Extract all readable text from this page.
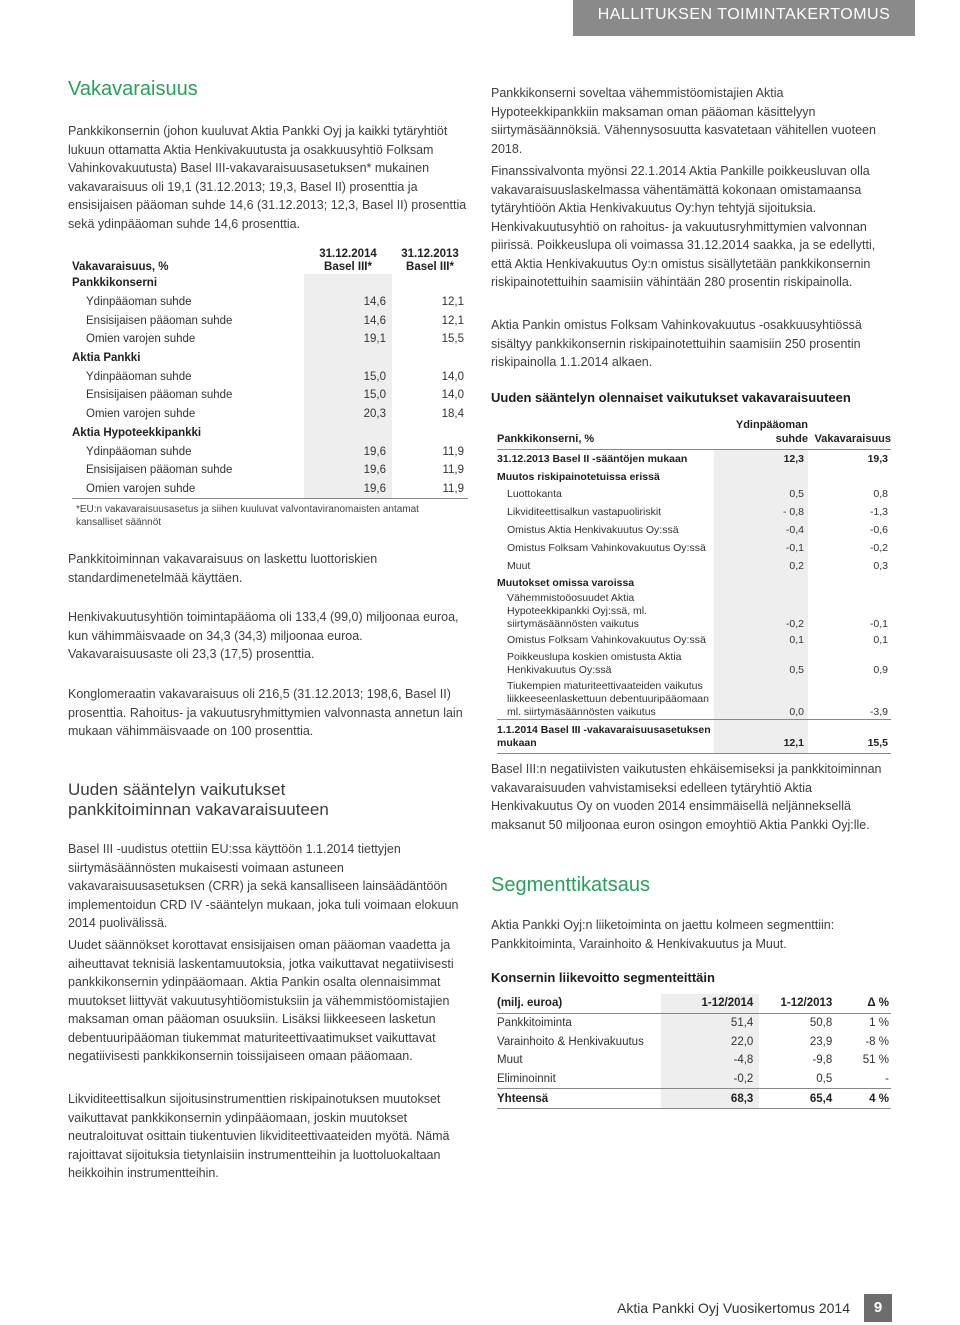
HALLITUKSEN TOIMINTAKERTOMUS
Vakavaraisuus

Pankkikonsernin (johon kuuluvat Aktia Pankki Oyj ja kaikki tytäryhtiöt lukuun ottamatta Aktia Henkivakuutusta ja osakkuusyhtiö Folksam Vahinkovakuutusta) Basel III-vakavaraisuusasetuksen* mukainen vakavaraisuus oli 19,1 (31.12.2013; 19,3, Basel II) prosenttia ja ensisijaisen pääoman suhde 14,6 (31.12.2013; 12,3, Basel II) prosenttia sekä ydinpääoman suhde 14,6 prosenttia.

Vakavaraisuus, %	31.12.2014 Basel III*	31.12.2013 Basel III*
Pankkikonserni		
Ydinpääoman suhde	14,6	12,1
Ensisijaisen pääoman suhde	14,6	12,1
Omien varojen suhde	19,1	15,5
Aktia Pankki		
Ydinpääoman suhde	15,0	14,0
Ensisijaisen pääoman suhde	15,0	14,0
Omien varojen suhde	20,3	18,4
Aktia Hypoteekkipankki		
Ydinpääoman suhde	19,6	11,9
Ensisijaisen pääoman suhde	19,6	11,9
Omien varojen suhde	19,6	11,9

*EU:n vakavaraisuusasetus ja siihen kuuluvat valvontaviranomaisten antamat kansalliset säännöt

Pankkitoiminnan vakavaraisuus on laskettu luottoriskien standardimenetelmää käyttäen.

Henkivakuutusyhtiön toimintapääoma oli 133,4 (99,0) miljoonaa euroa, kun vähimmäisvaade on 34,3 (34,3) miljoonaa euroa. Vakavaraisuusaste oli 23,3 (17,5) prosenttia.

Konglomeraatin vakavaraisuus oli 216,5 (31.12.2013; 198,6, Basel II) prosenttia. Rahoitus- ja vakuutusryhmittymien valvonnasta annetun lain mukaan vähimmäisvaade on 100 prosenttia.

Uuden sääntelyn vaikutukset pankkitoiminnan vakavaraisuuteen

Basel III -uudistus otettiin EU:ssa käyttöön 1.1.2014 tiettyjen siirtymäsäännösten mukaisesti voimaan astuneen vakavaraisuusasetuksen (CRR) ja sekä kansalliseen lainsäädäntöön implementoidun CRD IV -sääntelyn mukaan, joka tuli voimaan elokuun 2014 puolivälissä.

Uudet säännökset korottavat ensisijaisen oman pääoman vaadetta ja aiheuttavat teknisiä laskentamuutoksia, jotka vaikuttavat negatiivisesti pankkikonsernin ydinpääomaan. Aktia Pankin osalta olennaisimmat muutokset liittyvät vakuutusyhtiöomistuksiin ja vähemmistöomistajien maksaman oman pääoman osuuksiin. Lisäksi liikkeeseen lasketun debentuuripääoman tiukemmat maturiteettivaatimukset vaikuttavat negatiivisesti pankkikonsernin toissijaiseen omaan pääomaan.

Likviditeettisalkun sijoitusinstrumenttien riskipainotuksen muutokset vaikuttavat pankkikonsernin ydinpääomaan, joskin muutokset neutraloituvat osittain tiukentuvien likviditeettivaateiden myötä. Nämä rajoittavat sijoituksia tietynlaisiin instrumentteihin ja luottoluokaltaan heikkoihin instrumentteihin.

Pankkikonserni soveltaa vähemmistöomistajien Aktia Hypoteekkipankkiin maksaman oman pääoman käsittelyyn siirtymäsäännöksiä. Vähennysosuutta kasvatetaan vähitellen vuoteen 2018.

Finanssivalvonta myönsi 22.1.2014 Aktia Pankille poikkeusluvan olla vakavaraisuuslaskelmassa vähentämättä kokonaan omistamaansa tytäryhtiöön Aktia Henkivakuutus Oy:hyn tehtyjä sijoituksia. Henkivakuutusyhtiö on rahoitus- ja vakuutusryhmittymien valvonnan piirissä. Poikkeuslupa oli voimassa 31.12.2014 saakka, ja se edellytti, että Aktia Henkivakuutus Oy:n omistus sisällytetään pankkikonsernin riskipainotettuihin saamisiin vähintään 280 prosentin riskipainolla.

Aktia Pankin omistus Folksam Vahinkovakuutus -osakkuusyhtiössä sisältyy pankkikonsernin riskipainotettuihin saamisiin 250 prosentin riskipainolla 1.1.2014 alkaen.

Uuden sääntelyn olennaiset vaikutukset vakavaraisuuteen
Pankkikonserni, %	Ydinpääoman suhde	Vakavaraisuus
31.12.2013 Basel II -sääntöjen mukaan	12,3	19,3
Muutos riskipainotetuissa erissä		
Luottokanta	0,5	0,8
Likviditeettisalkun vastapuoliriskit	- 0,8	-1,3
Omistus Aktia Henkivakuutus Oy:ssä	-0,4	-0,6
Omistus Folksam Vahinkovakuutus Oy:ssä	-0,1	-0,2
Muut	0,2	0,3
Muutokset omissa varoissa		
Vähemmistoöosuudet Aktia Hypoteekkipankki Oyj:ssä, ml. siirtymäsäännösten vaikutus	-0,2	-0,1
Omistus Folksam Vahinkovakuutus Oy:ssä	0,1	0,1
Poikkeuslupa koskien omistusta Aktia Henkivakuutus Oy:ssä	0,5	0,9
Tiukempien maturiteettivaateiden vaikutus liikkeeseenlaskettuun debentuuripääomaan ml. siirtymäsäännösten vaikutus	0,0	-3,9
1.1.2014 Basel III -vakavaraisuusasetuksen mukaan	12,1	15,5

Basel III:n negatiivisten vaikutusten ehkäisemiseksi ja pankkitoiminnan vakavaraisuuden vahvistamiseksi edelleen tytäryhtiö Aktia Henkivakuutus Oy on vuoden 2014 ensimmäisellä neljänneksellä maksanut 50 miljoonaa euron osingon emoyhtiö Aktia Pankki Oyj:lle.

Segmenttikatsaus

Aktia Pankki Oyj:n liiketoiminta on jaettu kolmeen segmenttiin: Pankkitoiminta, Varainhoito & Henkivakuutus ja Muut.

Konsernin liikevoitto segmenteittäin
(milj. euroa)	1-12/2014	1-12/2013	Δ %
Pankkitoiminta	51,4	50,8	1 %
Varainhoito & Henkivakuutus	22,0	23,9	-8 %
Muut	-4,8	-9,8	51 %
Eliminoinnit	-0,2	0,5	-
Yhteensä	68,3	65,4	4 %
Aktia Pankki Oyj Vuosikertomus 2014	9
